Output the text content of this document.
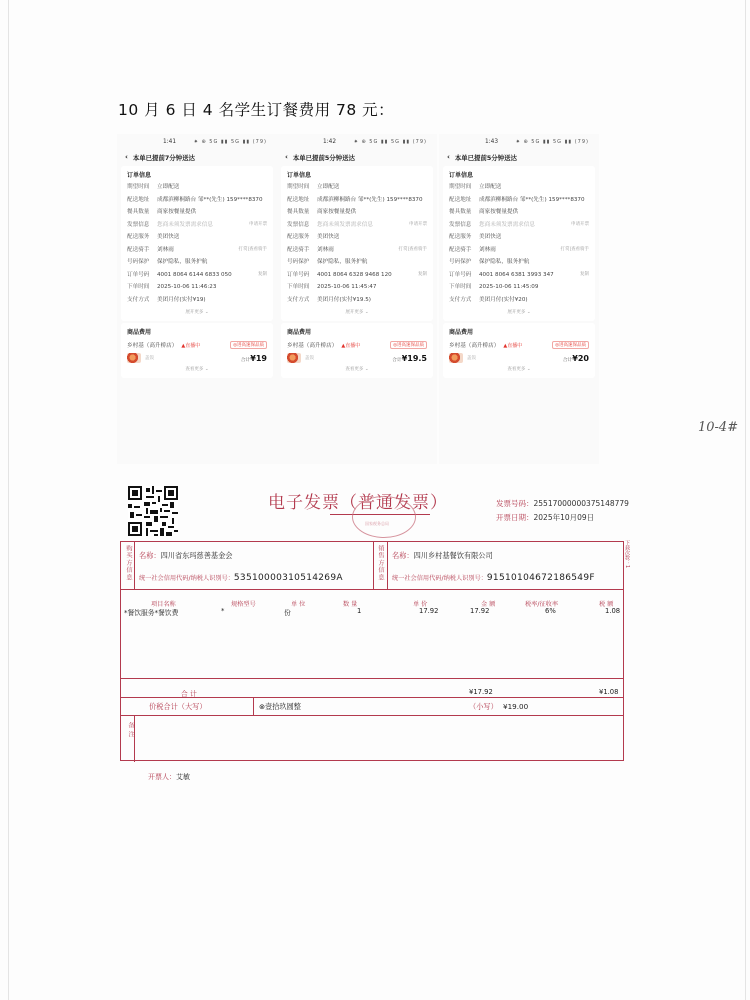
10 月 6 日 4 名学生订餐费用 78 元：
10-4#
1:41	✷ ⊕ 5G ▮▮ 5G ▮▮ (79)
‹ 本单已提前7分钟送达
订单信息
期望时间	立即配送
配送地址	成都滨柳桐路台 邹**(先生) 159****8370
餐具数量	商家按餐量提供
发票信息	您商未须发票需求信息	申请开票
配送服务	美团快送
配送骑手	刘林雨	打赏|查看骑手
号码保护	保护隐私，服务护航
订单号码	4001 8064 6144 6833 050	复制
下单时间	2025-10-06 11:46:23
支付方式	美团月付(实付¥19)
展开更多 ⌄
商品费用
乡村基（高升桥店） ▲直播中	◎进高速保品质
盖饭	合计¥19
查看更多 ⌄
1:42	✷ ⊕ 5G ▮▮ 5G ▮▮ (79)
‹ 本单已提前5分钟送达
订单信息
期望时间	立即配送
配送地址	成都滨柳桐路台 邹**(先生) 159****8370
餐具数量	商家按餐量提供
发票信息	您商未须发票需求信息	申请开票
配送服务	美团快送
配送骑手	刘林雨	打赏|查看骑手
号码保护	保护隐私，服务护航
订单号码	4001 8064 6328 9468 120	复制
下单时间	2025-10-06 11:45:47
支付方式	美团月付(实付¥19.5)
展开更多 ⌄
商品费用
乡村基（高升桥店） ▲直播中	◎进高速保品质
盖饭	合计¥19.5
查看更多 ⌄
1:43	✷ ⊕ 5G ▮▮ 5G ▮▮ (79)
‹ 本单已提前5分钟送达
订单信息
期望时间	立即配送
配送地址	成都滨柳桐路台 邹**(先生) 159****8370
餐具数量	商家按餐量提供
发票信息	您商未须发票需求信息	申请开票
配送服务	美团快送
配送骑手	刘林雨	打赏|查看骑手
号码保护	保护隐私，服务护航
订单号码	4001 8064 6381 3993 347	复制
下单时间	2025-10-06 11:45:09
支付方式	美团月付(实付¥20)
展开更多 ⌄
商品费用
乡村基（高升桥店） ▲直播中	◎进高速保品质
盖饭	合计¥20
查看更多 ⌄
电子发票（普通发票）
国家税务总局
发票号码：25517000000375148779
开票日期：2025年10月09日
下载次数：1
购买方信息	销售方信息
名称：四川省东玛慈善基金会	名称：四川乡村基餐饮有限公司
统一社会信用代码/纳税人识别号：53510000310514269A	统一社会信用代码/纳税人识别号：91510104672186549F
项目名称	规格型号	单 位	数 量	单 价	金 额	税率/征收率	税 额
*餐饮服务*餐饮费	*	份	1	17.92	17.92	6%	1.08
合 计	¥17.92	¥1.08
价税合计（大写）	⊗壹拾玖圆整	（小写） ¥19.00
备注
开票人：艾敏
